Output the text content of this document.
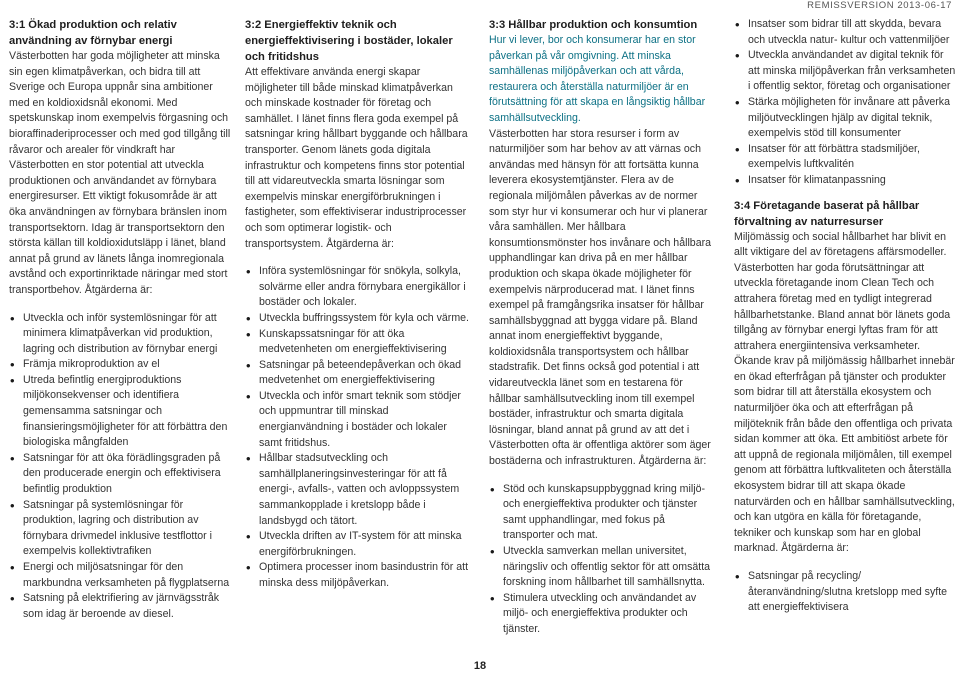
REMISSVERSION 2013-06-17
3:1 Ökad produktion och relativ användning av förnybar energi

Västerbotten har goda möjligheter att minska sin egen klimatpåverkan, och bidra till att Sverige och Europa uppnår sina ambitioner med en koldioxidsnål ekonomi. Med spetskunskap inom exempelvis förgasning och bioraffinaderiprocesser och med god tillgång till råvaror och arealer för vindkraft har Västerbotten en stor potential att utveckla produktionen och användandet av förnybara energiresurser. Ett viktigt fokusområde är att öka användningen av förnybara bränslen inom transportsektorn. Idag är transportsektorn den största källan till koldioxidutsläpp i länet, bland annat på grund av länets långa inomregionala avstånd och exportinriktade näringar med stort transportbehov. Åtgärderna är:

• Utveckla och inför systemlösningar för att minimera klimatpåverkan vid produktion, lagring och distribution av förnybar energi
• Främja mikroproduktion av el
• Utreda befintlig energiproduktions miljökonsekvenser och identifiera gemensamma satsningar och finansieringsmöjligheter för att förbättra den biologiska mångfalden
• Satsningar för att öka förädlingsgraden på den producerade energin och effektivisera befintlig produktion
• Satsningar på systemlösningar för produktion, lagring och distribution av förnybara drivmedel inklusive testflottor i exempelvis kollektivtrafiken
• Energi och miljösatsningar för den markbundna verksamheten på flygplatserna
• Satsning på elektrifiering av järnvägsstråk som idag är beroende av diesel.
3:2 Energieffektiv teknik och energieffektivisering i bostäder, lokaler och fritidshus

Att effektivare använda energi skapar möjligheter till både minskad klimatpåverkan och minskade kostnader för företag och samhället. I länet finns flera goda exempel på satsningar kring hållbart byggande och hållbara transporter. Genom länets goda digitala infrastruktur och kompetens finns stor potential till att vidareutveckla smarta lösningar som exempelvis minskar energiförbrukningen i fastigheter, som effektiviserar industriprocesser och som optimerar logistik- och transportsystem. Åtgärderna är:

• Införa systemlösningar för snökyla, solkyla, solvärme eller andra förnybara energikällor i bostäder och lokaler.
• Utveckla buffringssystem för kyla och värme.
• Kunskapssatsningar för att öka medvetenheten om energieffektivisering
• Satsningar på beteendepåverkan och ökad medvetenhet om energieffektivisering
• Utveckla och inför smart teknik som stödjer och uppmuntrar till minskad energianvändning i bostäder och lokaler samt fritidshus.
• Hållbar stadsutveckling och samhällplaneringsinvesteringar för att få energi-, avfalls-, vatten och avloppssystem sammankopplade i kretslopp både i landsbygd och tätort.
• Utveckla driften av IT-system för att minska energiförbrukningen.
• Optimera processer inom basindustrin för att minska dess miljöpåverkan.
3:3 Hållbar produktion och konsumtion

Hur vi lever, bor och konsumerar har en stor påverkan på vår omgivning. Att minska samhällenas miljöpåverkan och att vårda, restaurera och återställa naturmiljöer är en förutsättning för att skapa en långsiktig hållbar samhällsutveckling.

Västerbotten har stora resurser i form av naturmiljöer som har behov av att värnas och användas med hänsyn för att fortsätta kunna leverera ekosystemtjänster. Flera av de regionala miljömålen påverkas av de normer som styr hur vi konsumerar och hur vi planerar våra samhällen. Mer hållbara konsumtionsmönster hos invånare och hållbara upphandlingar kan driva på en mer hållbar produktion och skapa ökade möjligheter för exempelvis närproducerad mat. I länet finns exempel på framgångsrika insatser för hållbar samhällsbyggnad att bygga vidare på. Bland annat inom energieffektivt byggande, koldioxidsnåla transportsystem och hållbar stadstrafik. Det finns också god potential i att vidareutveckla länet som en testarena för hållbar samhällsutveckling inom till exempel bostäder, infrastruktur och smarta digitala lösningar, bland annat på grund av att det i Västerbotten ofta är offentliga aktörer som äger bostäderna och infrastrukturen. Åtgärderna är:

• Stöd och kunskapsuppbyggnad kring miljö- och energieffektiva produkter och tjänster samt upphandlingar, med fokus på transporter och mat.
• Utveckla samverkan mellan universitet, näringsliv och offentlig sektor för att omsätta forskning inom hållbarhet till samhällsnytta.
• Stimulera utveckling och användandet av miljö- och energieffektiva produkter och tjänster.
• Insatser som bidrar till att skydda, bevara och utveckla natur- kultur och vattenmiljöer
• Utveckla användandet av digital teknik för att minska miljöpåverkan från verksamheten i offentlig sektor, företag och organisationer
• Stärka möjligheten för invånare att påverka miljöutvecklingen hjälp av digital teknik, exempelvis stöd till konsumenter
• Insatser för att förbättra stadsmiljöer, exempelvis luftkvalitén
• Insatser för klimatanpassning
3:4 Företagande baserat på hållbar förvaltning av naturresurser

Miljömässig och social hållbarhet har blivit en allt viktigare del av företagens affärsmodeller. Västerbotten har goda förutsättningar att utveckla företagande inom Clean Tech och attrahera företag med en tydligt integrerad hållbarhetstanke. Bland annat bör länets goda tillgång av förnybar energi lyftas fram för att attrahera energiintensiva verksamheter. Ökande krav på miljömässig hållbarhet innebär en ökad efterfrågan på tjänster och produkter som bidrar till att återställa ekosystem och naturmiljöer öka och att efterfrågan på miljöteknik från både den offentliga och privata sidan kommer att öka. Ett ambitiöst arbete för att uppnå de regionala miljömålen, till exempel genom att förbättra luftkvaliteten och återställa ekosystem bidrar till att skapa ökade naturvärden och en hållbar samhällsutveckling, och kan utgöra en källa för företagande, tekniker och kunskap som har en global marknad. Åtgärderna är:

• Satsningar på recycling/återanvändning/slutna kretslopp med syfte att energieffektivisera
18
